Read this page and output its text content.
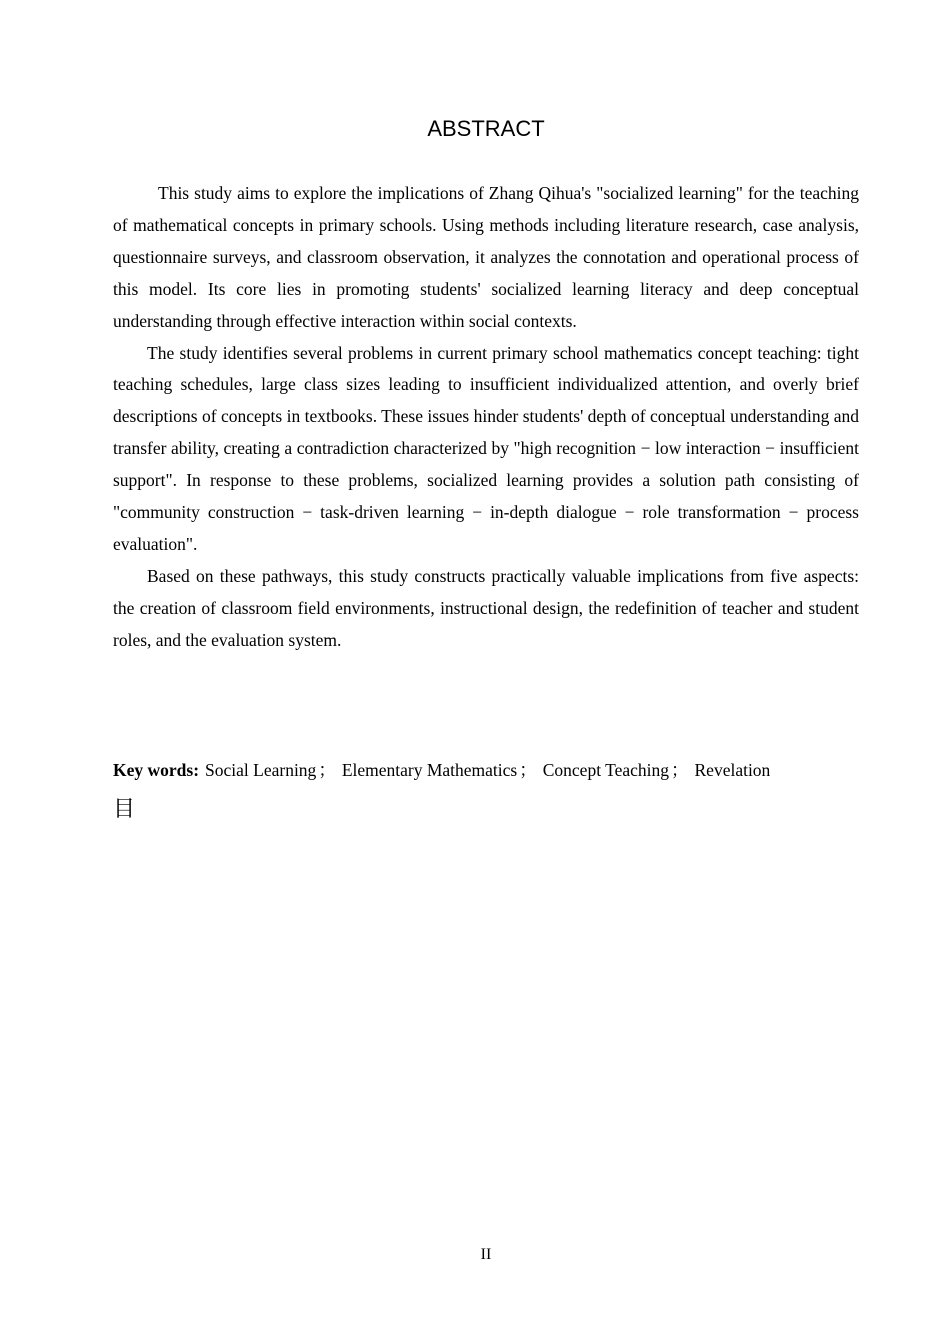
ABSTRACT

This study aims to explore the implications of Zhang Qihua's "socialized learning" for the teaching of mathematical concepts in primary schools. Using methods including literature research, case analysis, questionnaire surveys, and classroom observation, it analyzes the connotation and operational process of this model. Its core lies in promoting students' socialized learning literacy and deep conceptual understanding through effective interaction within social contexts.

The study identifies several problems in current primary school mathematics concept teaching: tight teaching schedules, large class sizes leading to insufficient individualized attention, and overly brief descriptions of concepts in textbooks. These issues hinder students' depth of conceptual understanding and transfer ability, creating a contradiction characterized by "high recognition − low interaction − insufficient support". In response to these problems, socialized learning provides a solution path consisting of "community construction − task-driven learning − in-depth dialogue − role transformation − process evaluation".

Based on these pathways, this study constructs practically valuable implications from five aspects: the creation of classroom field environments, instructional design, the redefinition of teacher and student roles, and the evaluation system.

Key words: Social Learning ； Elementary Mathematics ； Concept Teaching ； Revelation
目
II
